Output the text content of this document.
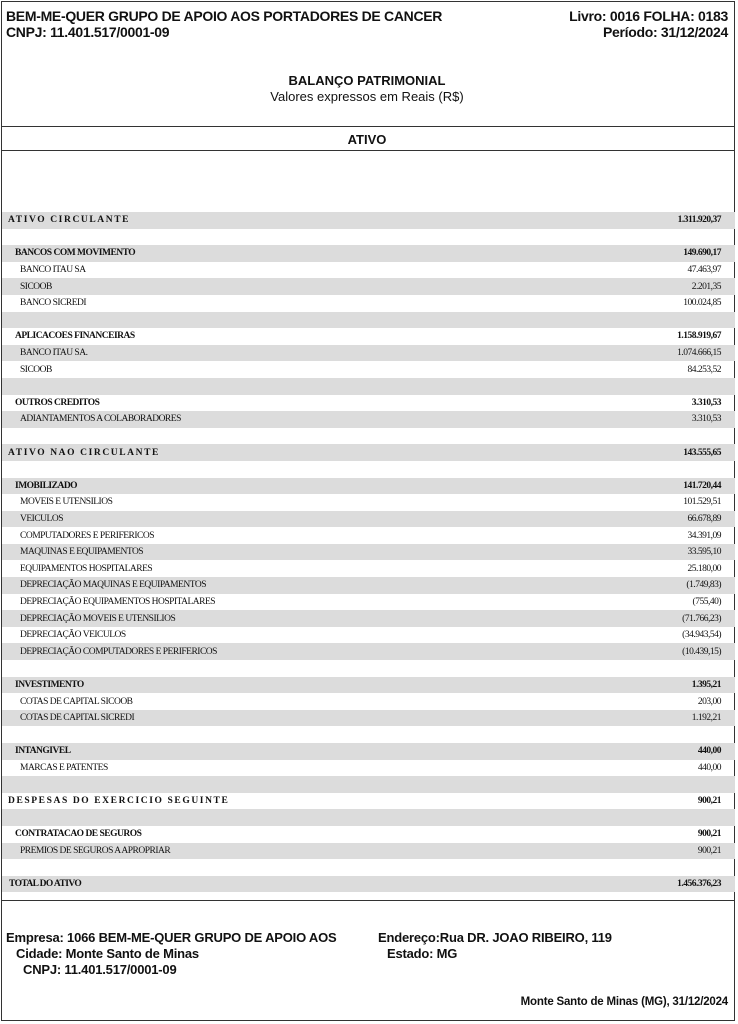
BEM-ME-QUER GRUPO DE APOIO AOS PORTADORES DE CANCER
CNPJ: 11.401.517/0001-09
Livro: 0016 FOLHA: 0183
Período: 31/12/2024
BALANÇO PATRIMONIAL
Valores expressos em Reais (R$)
ATIVO
ATIVO CIRCULANTE	1.311.920,37
BANCOS COM MOVIMENTO	149.690,17
BANCO ITAU SA	47.463,97
SICOOB	2.201,35
BANCO SICREDI	100.024,85
APLICACOES FINANCEIRAS	1.158.919,67
BANCO ITAU SA.	1.074.666,15
SICOOB	84.253,52
OUTROS CREDITOS	3.310,53
ADIANTAMENTOS A COLABORADORES	3.310,53
ATIVO NAO CIRCULANTE	143.555,65
IMOBILIZADO	141.720,44
MOVEIS E UTENSILIOS	101.529,51
VEICULOS	66.678,89
COMPUTADORES E PERIFERICOS	34.391,09
MAQUINAS E EQUIPAMENTOS	33.595,10
EQUIPAMENTOS HOSPITALARES	25.180,00
DEPRECIAÇÃO MAQUINAS E EQUIPAMENTOS	(1.749,83)
DEPRECIAÇÃO EQUIPAMENTOS HOSPITALARES	(755,40)
DEPRECIAÇÃO MOVEIS E UTENSILIOS	(71.766,23)
DEPRECIAÇÃO VEICULOS	(34.943,54)
DEPRECIAÇÃO COMPUTADORES E PERIFERICOS	(10.439,15)
INVESTIMENTO	1.395,21
COTAS DE CAPITAL SICOOB	203,00
COTAS DE CAPITAL SICREDI	1.192,21
INTANGIVEL	440,00
MARCAS E PATENTES	440,00
DESPESAS DO EXERCICIO SEGUINTE	900,21
CONTRATACAO DE SEGUROS	900,21
PREMIOS DE SEGUROS A APROPRIAR	900,21
TOTAL DO ATIVO	1.456.376,23
Empresa: 1066 BEM-ME-QUER GRUPO DE APOIO AOS
Cidade: Monte Santo de Minas
CNPJ: 11.401.517/0001-09
Endereço:Rua DR. JOAO RIBEIRO, 119
Estado: MG
Monte Santo de Minas (MG), 31/12/2024
